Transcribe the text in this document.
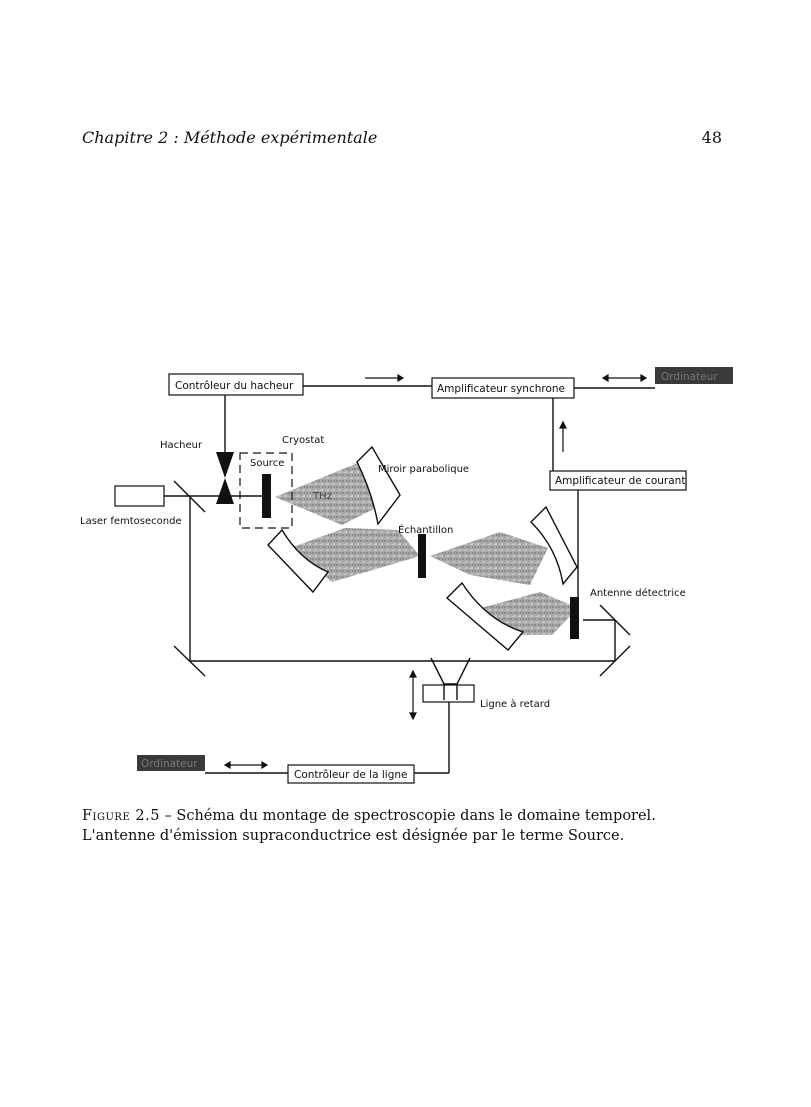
Chapitre 2 : Méthode expérimentale	48
Contrôleur du hacheur	Amplificateur synchrone
Ordinateur
Amplificateur de courant
Contrôleur de la ligne
Ordinateur
Hacheur	Cryostat
Source
THz
Miroir parabolique
Laser femtoseconde
Échantillon
Antenne détectrice
Ligne à retard
Figure 2.5 – Schéma du montage de spectroscopie dans le domaine temporel. L'antenne d'émission supraconductrice est désignée par le terme Source.
